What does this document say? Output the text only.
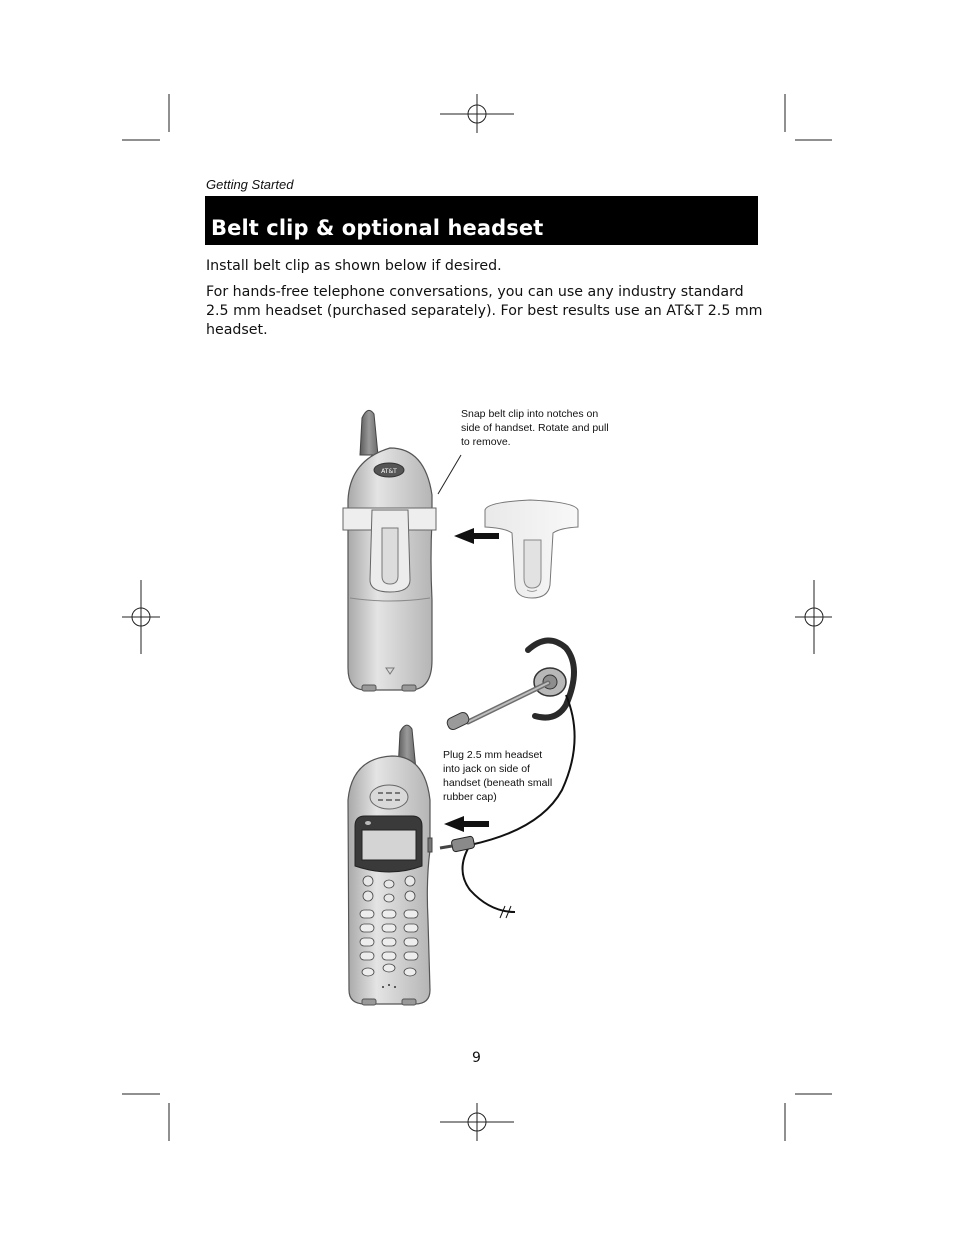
Getting Started
Belt clip & optional headset
Install belt clip as shown below if desired.
For hands-free telephone conversations, you can use any industry standard 2.5 mm headset (purchased separately). For best results use an AT&T 2.5 mm headset.
AT&T
Snap belt clip into notches on side of handset. Rotate and pull to remove.
Plug 2.5 mm headset into jack on side of handset (beneath small rubber cap)
9
